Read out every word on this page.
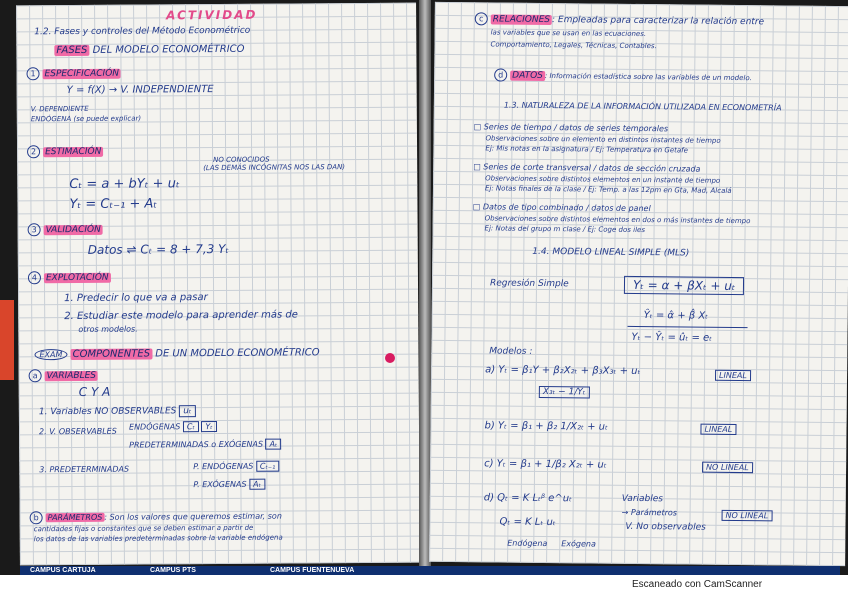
ACTIVIDAD
1.2. Fases y controles del Método Econométrico
FASES DEL MODELO ECONOMÉTRICO
1 ESPECIFICACIÓN
Y = f(X) → V. INDEPENDIENTE
V. DEPENDIENTE
ENDÓGENA (se puede explicar)
2 ESTIMACIÓN
NO CONOCIDOS
(LAS DEMÁS INCÓGNITAS NOS LAS DAN)
Cₜ = a + bYₜ + uₜ
Yₜ = Cₜ₋₁ + Aₜ
3 VALIDACIÓN
Datos ⇌ Cₜ = 8 + 7,3 Yₜ
4 EXPLOTACIÓN
1. Predecir lo que va a pasar
2. Estudiar este modelo para aprender más de
otros modelos.
EXAM COMPONENTES DE UN MODELO ECONOMÉTRICO
a VARIABLES
C Y A
1. Variables NO OBSERVABLES uₜ
2. V. OBSERVABLES ENDÓGENAS Cₜ Yₜ
PREDETERMINADAS o EXÓGENAS Aₜ
3. PREDETERMINADAS	P. ENDÓGENAS Cₜ₋₁
P. EXÓGENAS Aₜ
b PARÁMETROS : Son los valores que queremos estimar, son
cantidades fijas o constantes que se deben estimar a partir de
los datos de las variables predeterminadas sobre la variable endógena
c RELACIONES : Empleadas para caracterizar la relación entre
las variables que se usan en las ecuaciones.
Comportamiento, Legales, Técnicas, Contables.
d DATOS : Información estadística sobre las variables de un modelo.
1.3. NATURALEZA DE LA INFORMACIÓN UTILIZADA EN ECONOMETRÍA
□ Series de tiempo / datos de series temporales
Observaciones sobre un elemento en distintos instantes de tiempo
Ej: Mis notas en la asignatura / Ej: Temperatura en Getafe
□ Series de corte transversal / datos de sección cruzada
Observaciones sobre distintos elementos en un instante de tiempo
Ej: Notas finales de la clase / Ej: Temp. a las 12pm en Gta, Mad, Alcalá
□ Datos de tipo combinado / datos de panel
Observaciones sobre distintos elementos en dos o más instantes de tiempo
Ej: Notas del grupo m clase / Ej: Coge dos iles
1.4. MODELO LINEAL SIMPLE (MLS)
Regresión Simple	Yₜ = α + βXₜ + uₜ
Ŷₜ = α̂ + β̂ Xₜ
Yₜ − Ŷₜ = ûₜ = eₜ
Modelos :
a) Yₜ = β₁Y + β₂X₂ₜ + β₃X₃ₜ + uₜ	LINEAL
X₃ₜ − 1/Yₜ
b) Yₜ = β₁ + β₂ 1/X₂ₜ + uₜ	LINEAL
c) Yₜ = β₁ + 1/β₂ X₂ₜ + uₜ	NO LINEAL
d) Qₜ = K Lₜᵝ e^uₜ
Qₜ = K Lₜ uₜ
Variables
→ Parámetros
V. No observables
NO LINEAL
Endógena Exógena
CAMPUS CARTUJA	CAMPUS PTS	CAMPUS FUENTENUEVA
Escaneado con CamScanner
